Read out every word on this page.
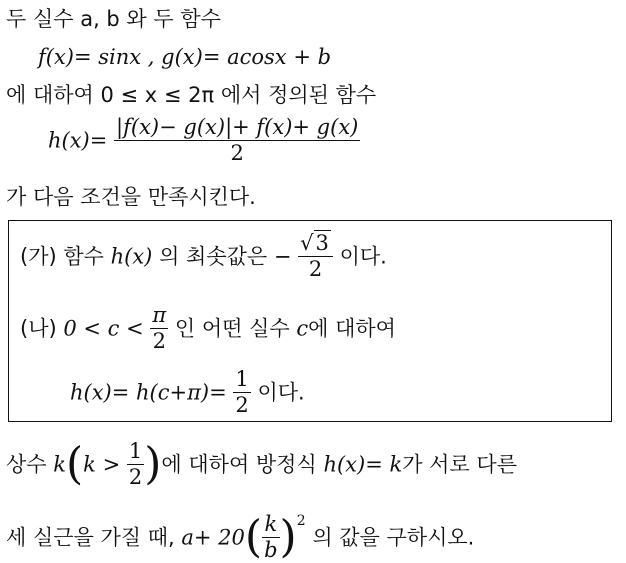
두 실수 a, b 와 두 함수
f(x)= sinx , g(x)= acosx + b
에 대하여 0 ≤ x ≤ 2π 에서 정의된 함수
$h(x)= \frac{|f(x)- g(x)|+ f(x)+ g(x)}{2}$
가 다음 조건을 만족시킨다.
(가) 함수 h(x) 의 최솟값은 − $\frac{√3}{2}$ 이다.
(나) $0 < c < \frac{\pi}{2}$ 인 어떤 실수 c에 대하여
$h(x)= h(c+\pi)= \frac{1}{2}$ 이다.
상수 $k(k > \frac{1}{2}$ )에 대하여 방정식 h(x)= k가 서로 다른
세 실근을 가질 때, $a+ 20( \frac{k}{b} )^2$ 의 값을 구하시오.
